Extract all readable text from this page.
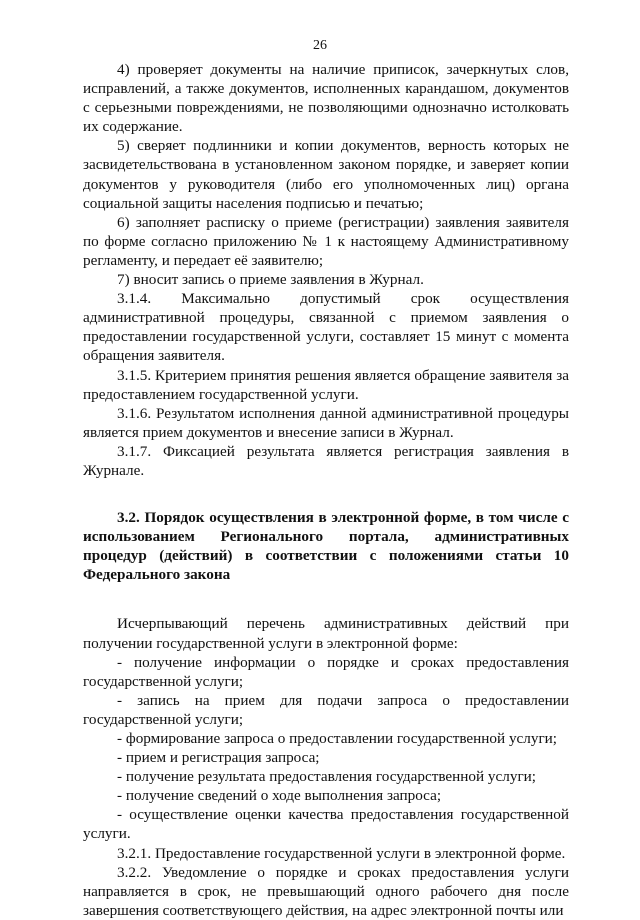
26

4) проверяет документы на наличие приписок, зачеркнутых слов, исправлений, а также документов, исполненных карандашом, документов с серьезными повреждениями, не позволяющими однозначно истолковать их содержание.

5) сверяет подлинники и копии документов, верность которых не засвидетельствована в установленном законом порядке, и заверяет копии документов у руководителя (либо его уполномоченных лиц) органа социальной защиты населения подписью и печатью;

6) заполняет расписку о приеме (регистрации) заявления заявителя по форме согласно приложению № 1 к настоящему Административному регламенту, и передает её заявителю;

7) вносит запись о приеме заявления в Журнал.

3.1.4. Максимально допустимый срок осуществления административной процедуры, связанной с приемом заявления о предоставлении государственной услуги, составляет 15 минут с момента обращения заявителя.

3.1.5. Критерием принятия решения является обращение заявителя за предоставлением государственной услуги.

3.1.6. Результатом исполнения данной административной процедуры является прием документов и внесение записи в Журнал.

3.1.7. Фиксацией результата является регистрация заявления в Журнале.

3.2. Порядок осуществления в электронной форме, в том числе с использованием Регионального портала, административных процедур (действий) в соответствии с положениями статьи 10 Федерального закона

Исчерпывающий перечень административных действий при получении государственной услуги в электронной форме:

- получение информации о порядке и сроках предоставления государственной услуги;

- запись на прием для подачи запроса о предоставлении государственной услуги;

- формирование запроса о предоставлении государственной услуги;

- прием и регистрация запроса;

- получение результата предоставления государственной услуги;

- получение сведений о ходе выполнения запроса;

- осуществление оценки качества предоставления государственной услуги.

3.2.1. Предоставление государственной услуги в электронной форме.

3.2.2. Уведомление о порядке и сроках предоставления услуги направляется в срок, не превышающий одного рабочего дня после завершения соответствующего действия, на адрес электронной почты или
